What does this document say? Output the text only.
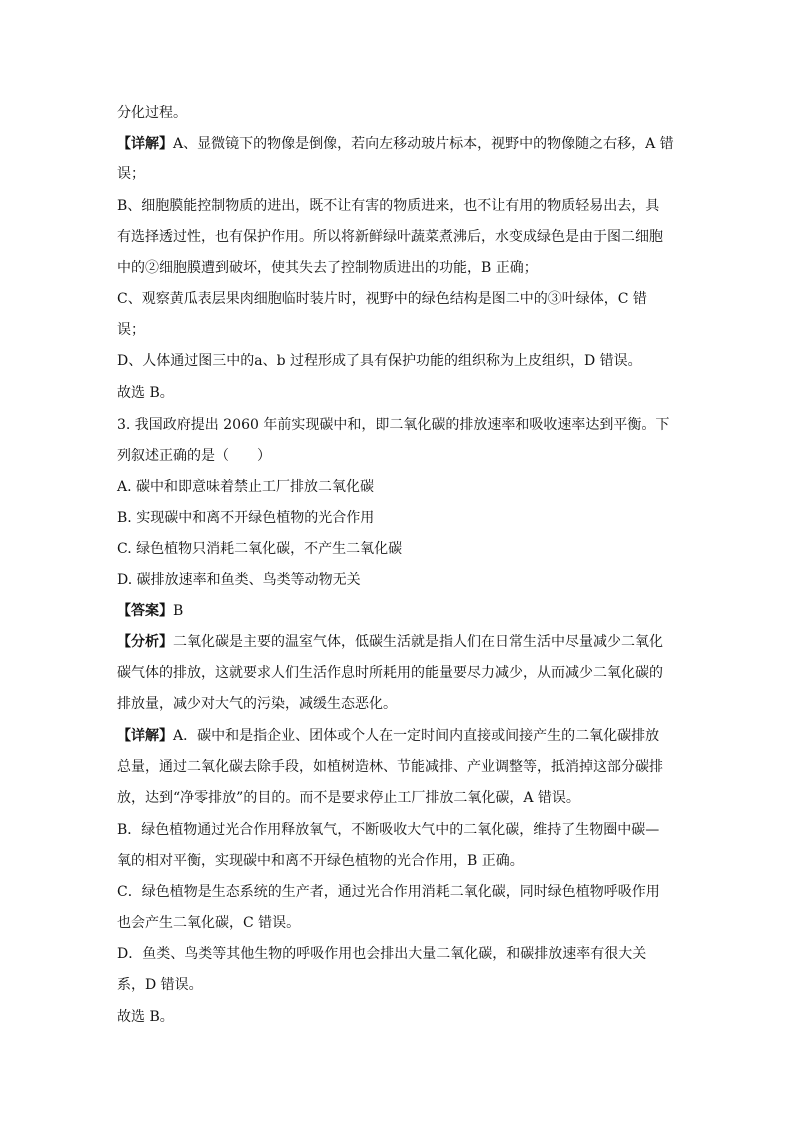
分化过程。
【详解】A、显微镜下的物像是倒像，若向左移动玻片标本，视野中的物像随之右移，A 错
误；
B、细胞膜能控制物质的进出，既不让有害的物质进来，也不让有用的物质轻易出去，具
有选择透过性，也有保护作用。所以将新鲜绿叶蔬菜煮沸后，水变成绿色是由于图二细胞
中的②细胞膜遭到破坏，使其失去了控制物质进出的功能，B 正确；
C、观察黄瓜表层果肉细胞临时装片时，视野中的绿色结构是图二中的③叶绿体，C 错
误；
D、人体通过图三中的a、b 过程形成了具有保护功能的组织称为上皮组织，D 错误。
故选 B。
3. 我国政府提出 2060 年前实现碳中和，即二氧化碳的排放速率和吸收速率达到平衡。下
列叙述正确的是（　　）
A. 碳中和即意味着禁止工厂排放二氧化碳
B. 实现碳中和离不开绿色植物的光合作用
C. 绿色植物只消耗二氧化碳，不产生二氧化碳
D. 碳排放速率和鱼类、鸟类等动物无关
【答案】B
【分析】二氧化碳是主要的温室气体，低碳生活就是指人们在日常生活中尽量减少二氧化
碳气体的排放，这就要求人们生活作息时所耗用的能量要尽力减少，从而减少二氧化碳的
排放量，减少对大气的污染，减缓生态恶化。
【详解】A．碳中和是指企业、团体或个人在一定时间内直接或间接产生的二氧化碳排放
总量，通过二氧化碳去除手段，如植树造林、节能减排、产业调整等，抵消掉这部分碳排
放，达到“净零排放”的目的。而不是要求停止工厂排放二氧化碳，A 错误。
B．绿色植物通过光合作用释放氧气，不断吸收大气中的二氧化碳，维持了生物圈中碳—
氧的相对平衡，实现碳中和离不开绿色植物的光合作用，B 正确。
C．绿色植物是生态系统的生产者，通过光合作用消耗二氧化碳，同时绿色植物呼吸作用
也会产生二氧化碳，C 错误。
D．鱼类、鸟类等其他生物的呼吸作用也会排出大量二氧化碳，和碳排放速率有很大关
系，D 错误。
故选 B。
